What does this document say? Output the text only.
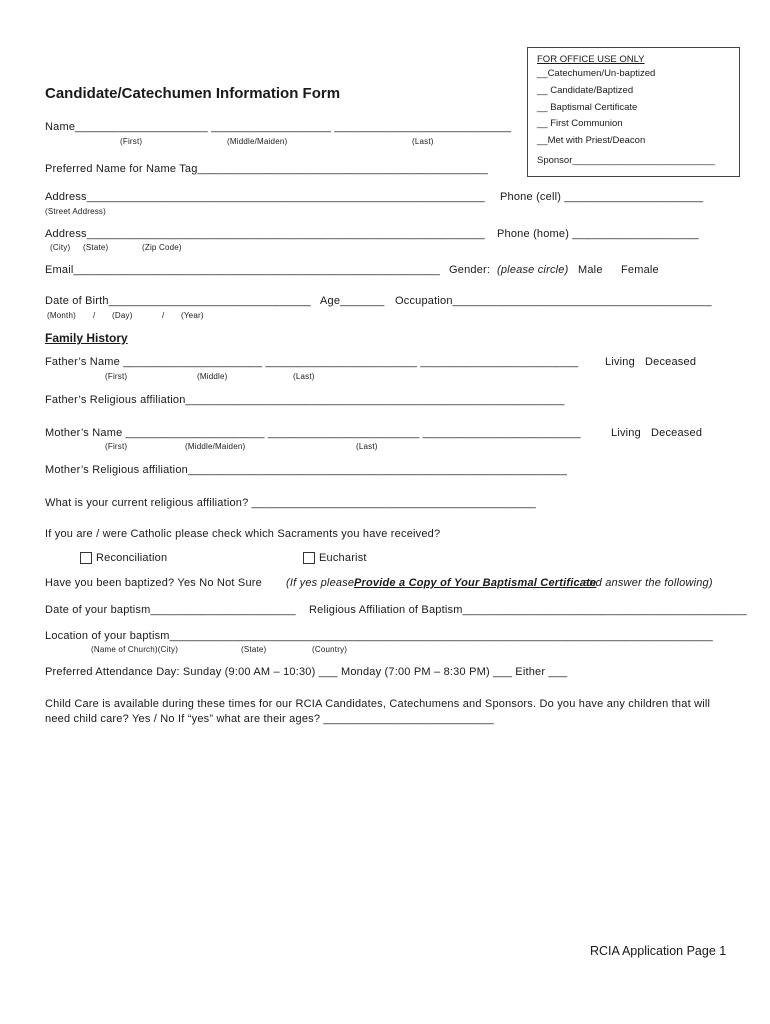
FOR OFFICE USE ONLY
__Catechumen/Un-baptized
__ Candidate/Baptized
__ Baptismal Certificate
__ First Communion
__Met with Priest/Deacon
Sponsor___________________________
Candidate/Catechumen Information Form
Name_____________________ ___________________ ____________________________
(First)	(Middle/Maiden)	(Last)
Preferred Name for Name Tag______________________________________________
Address_______________________________________________________________
(Street Address)
Phone (cell) ______________________
Address_______________________________________________________________
(City) (State)	(Zip Code)
Phone (home) ____________________
Email__________________________________________________________ Gender: (please circle) Male Female
Date of Birth________________________________
(Month) / (Day)	/ (Year)
Age_______ Occupation_________________________________________
Family History
Father’s Name ______________________ ________________________ _________________________
(First)	(Middle)	(Last)
Living Deceased
Father’s Religious affiliation____________________________________________________________
Mother’s Name ______________________ ________________________ _________________________
(First)	(Middle/Maiden)	(Last)
Living Deceased
Mother’s Religious affiliation____________________________________________________________
What is your current religious affiliation? _____________________________________________
If you are / were Catholic please check which Sacraments you have received?
Reconciliation	Eucharist
Have you been baptized? Yes No Not Sure (If yes please Provide a Copy of Your Baptismal Certificate
and answer the following)
Date of your baptism_______________________ Religious Affiliation of Baptism_____________________________________________
Location of your baptism______________________________________________________________________________________
(Name of Church)(City)	(State)	(Country)
Preferred Attendance Day: Sunday (9:00 AM – 10:30) ___ Monday (7:00 PM – 8:30 PM) ___ Either ___
Child Care is available during these times for our RCIA Candidates, Catechumens and Sponsors. Do you have any children that will
need child care? Yes / No If “yes” what are their ages? ___________________________
RCIA Application Page 1
